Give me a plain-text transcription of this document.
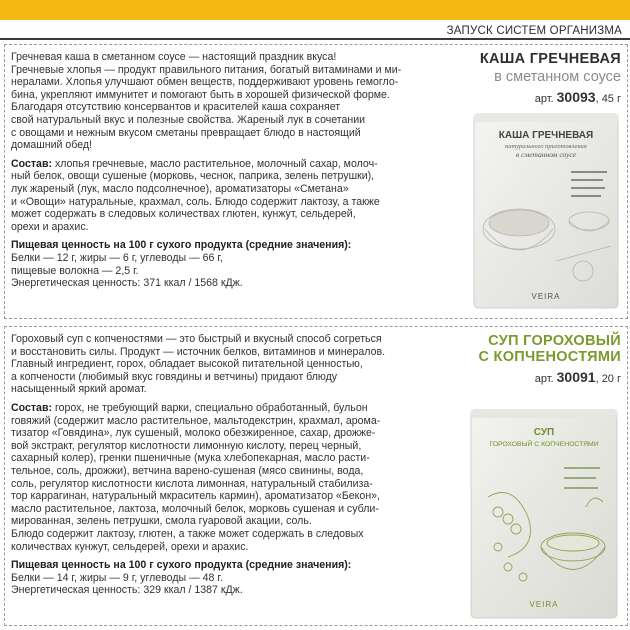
ЗАПУСК СИСТЕМ ОРГАНИЗМА

Гречневая каша в сметанном соусе — настоящий праздник вкуса!
Гречневые хлопья — продукт правильного питания, богатый витаминами и ми-
нералами. Хлопья улучшают обмен веществ, поддерживают уровень гемогло-
бина, укрепляют иммунитет и помогают быть в хорошей физической форме.
Благодаря отсутствию консервантов и красителей каша сохраняет
свой натуральный вкус и полезные свойства. Жареный лук в сочетании
с овощами и нежным вкусом сметаны превращает блюдо в настоящий
домашний обед!

Состав: хлопья гречневые, масло растительное, молочный сахар, молоч-
ный белок, овощи сушеные (морковь, чеснок, паприка, зелень петрушки),
лук жареный (лук, масло подсолнечное), ароматизаторы «Сметана»
и «Овощи» натуральные, крахмал, соль. Блюдо содержит лактозу, а также
может содержать в следовых количествах глютен, кунжут, сельдерей,
орехи и арахис.

Пищевая ценность на 100 г сухого продукта (средние значения):
Белки — 12 г, жиры — 6 г, углеводы — 66 г,
пищевые волокна — 2,5 г.
Энергетическая ценность: 371 ккал / 1568 кДж.

КАША ГРЕЧНЕВАЯ
в сметанном соусе
арт. 30093, 45 г
КАША ГРЕЧНЕВАЯ
натурального приготовления
в сметанном соусе
VEIRA

Гороховый суп с копченостями — это быстрый и вкусный способ согреться
и восстановить силы. Продукт — источник белков, витаминов и минералов.
Главный ингредиент, горох, обладает высокой питательной ценностью,
а копчености (любимый вкус говядины и ветчины) придают блюду
насыщенный яркий аромат.

Состав: горох, не требующий варки, специально обработанный, бульон
говяжий (содержит масло растительное, мальтодекстрин, крахмал, арома-
тизатор «Говядина», лук сушеный, молоко обезжиренное, сахар, дрожже-
вой экстракт, регулятор кислотности лимонную кислоту, перец черный,
сахарный колер), гренки пшеничные (мука хлебопекарная, масло расти-
тельное, соль, дрожжи), ветчина варено-сушеная (мясо свинины, вода,
соль, регулятор кислотности кислота лимонная, натуральный стабилиза-
тор каррагинан, натуральный мкраситель кармин), ароматизатор «Бекон»,
масло растительное, лактоза, молочный белок, морковь сушеная и субли-
мированная, зелень петрушки, смола гуаровой акации, соль.
Блюдо содержит лактозу, глютен, а также может содержать в следовых
количествах кунжут, сельдерей, орехи и арахис.

Пищевая ценность на 100 г сухого продукта (средние значения):
Белки — 14 г, жиры — 9 г, углеводы — 48 г.
Энергетическая ценность: 329 ккал / 1387 кДж.

СУП ГОРОХОВЫЙ
С КОПЧЕНОСТЯМИ
арт. 30091, 20 г
СУП
ГОРОХОВЫЙ С КОПЧЕНОСТЯМИ
VEIRA
